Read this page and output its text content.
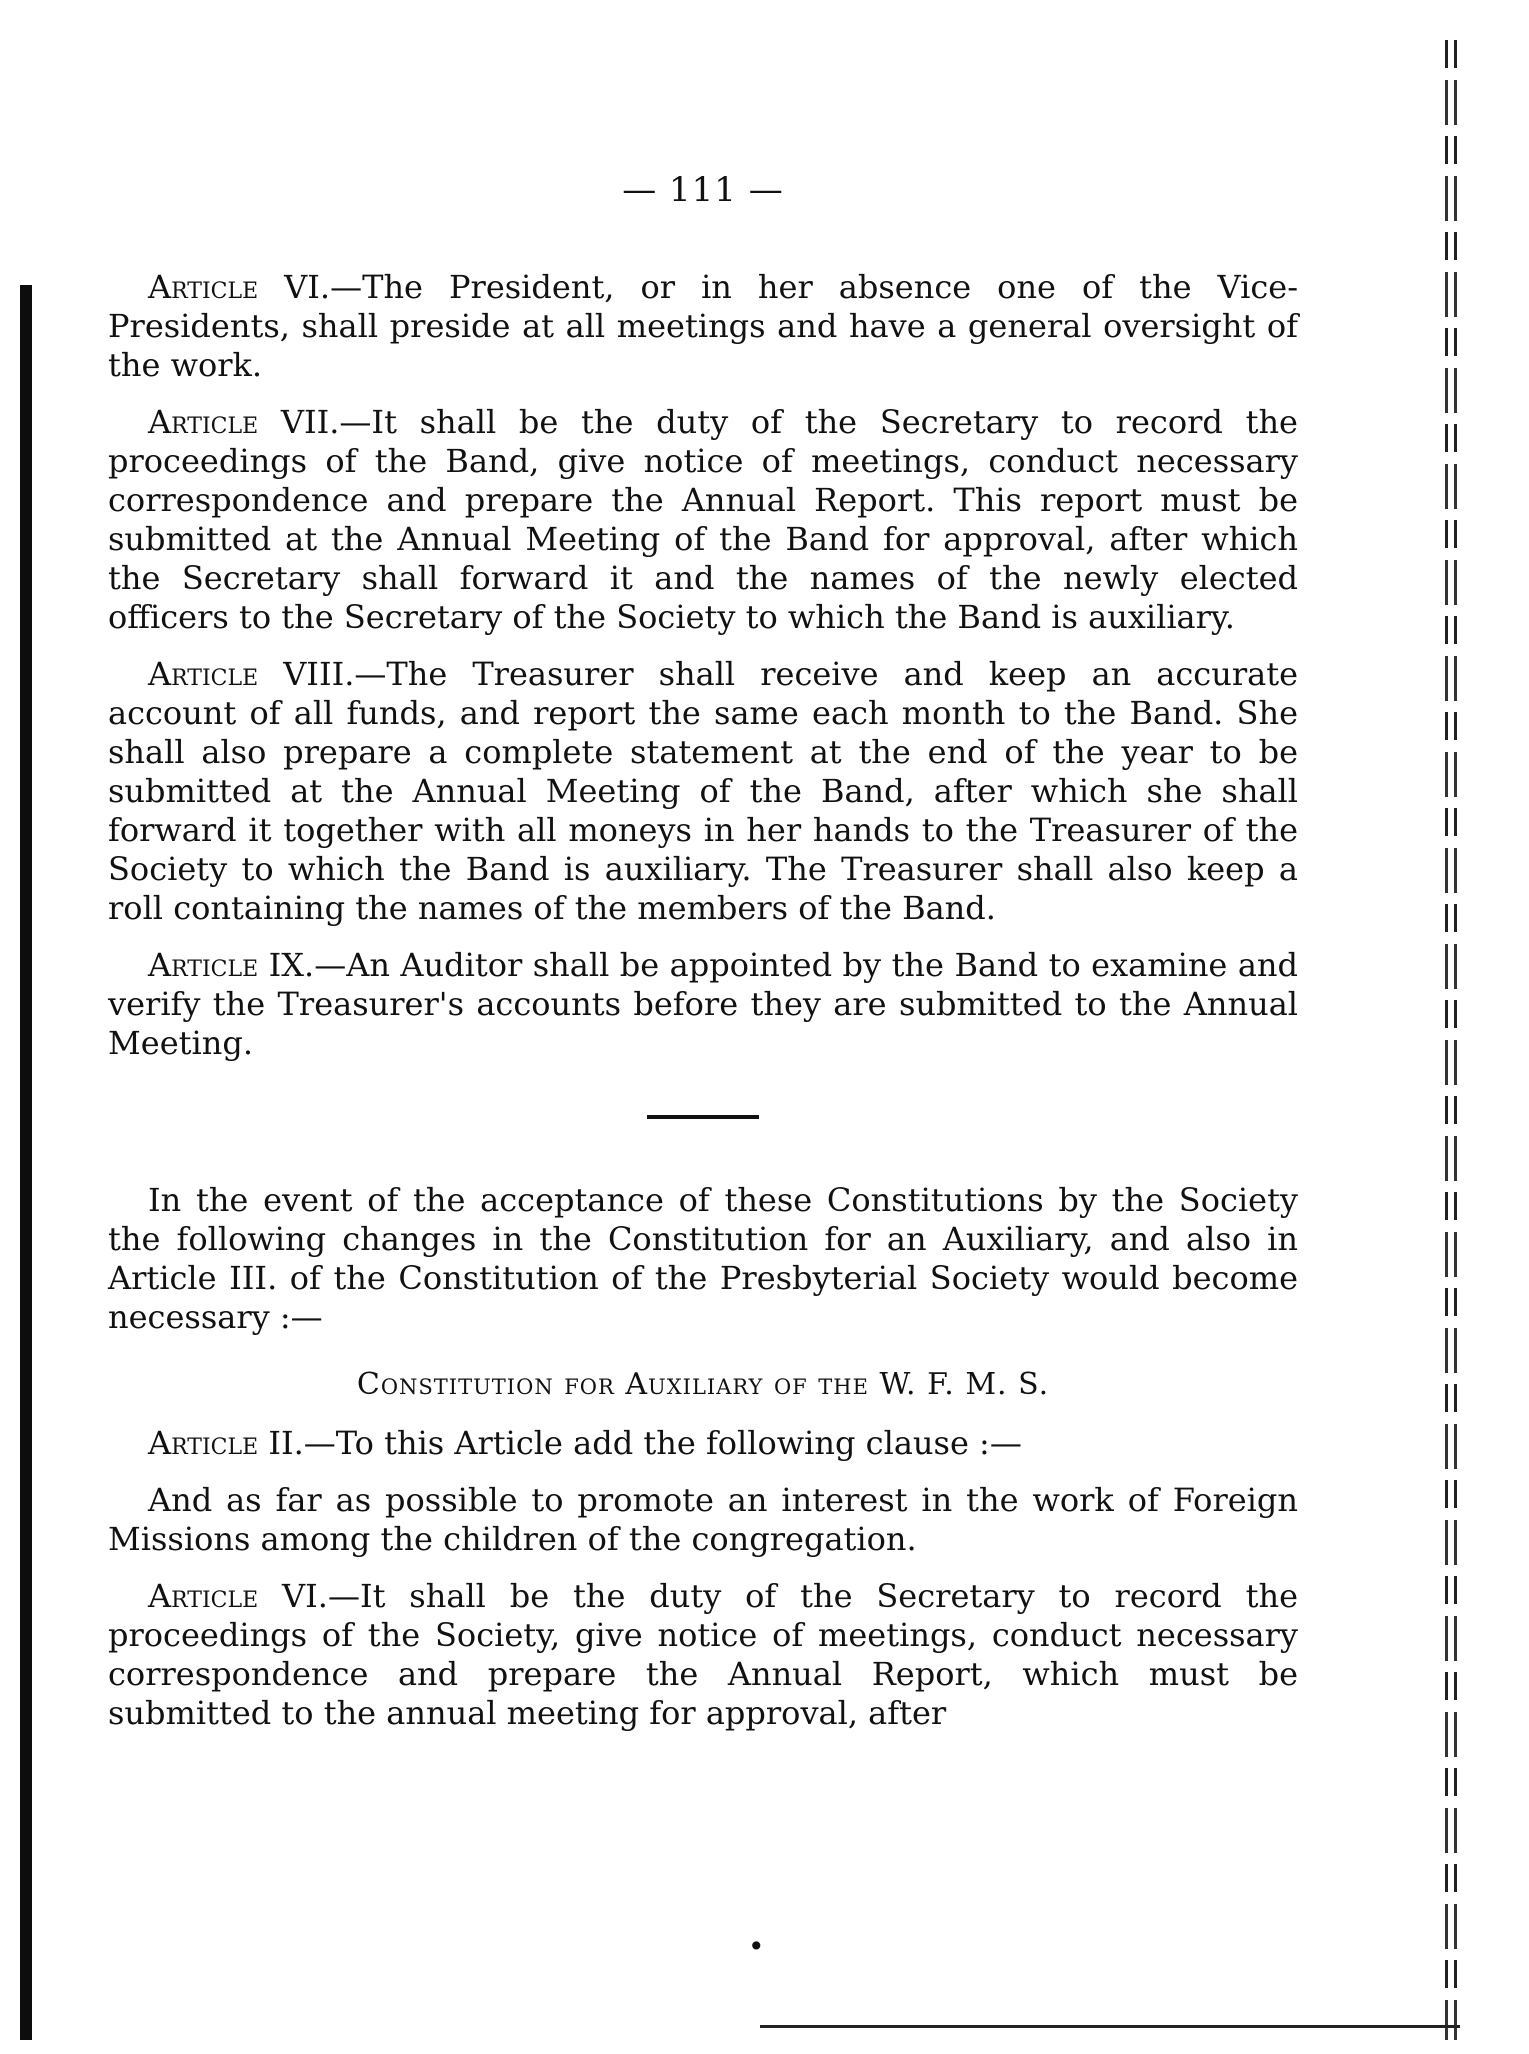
— 111 —

Article VI.—The President, or in her absence one of the Vice-Presidents, shall preside at all meetings and have a general oversight of the work.

Article VII.—It shall be the duty of the Secretary to record the proceedings of the Band, give notice of meetings, conduct necessary correspondence and prepare the Annual Report. This report must be submitted at the Annual Meeting of the Band for approval, after which the Secretary shall forward it and the names of the newly elected officers to the Secretary of the Society to which the Band is auxiliary.

Article VIII.—The Treasurer shall receive and keep an accurate account of all funds, and report the same each month to the Band. She shall also prepare a complete statement at the end of the year to be submitted at the Annual Meeting of the Band, after which she shall forward it together with all moneys in her hands to the Treasurer of the Society to which the Band is auxiliary. The Treasurer shall also keep a roll containing the names of the members of the Band.

Article IX.—An Auditor shall be appointed by the Band to examine and verify the Treasurer's accounts before they are submitted to the Annual Meeting.

In the event of the acceptance of these Constitutions by the Society the following changes in the Constitution for an Auxiliary, and also in Article III. of the Constitution of the Presbyterial Society would become necessary :—

Constitution for Auxiliary of the W. F. M. S.

Article II.—To this Article add the following clause :—

And as far as possible to promote an interest in the work of Foreign Missions among the children of the congregation.

Article VI.—It shall be the duty of the Secretary to record the proceedings of the Society, give notice of meetings, conduct necessary correspondence and prepare the Annual Report, which must be submitted to the annual meeting for approval, after

•
